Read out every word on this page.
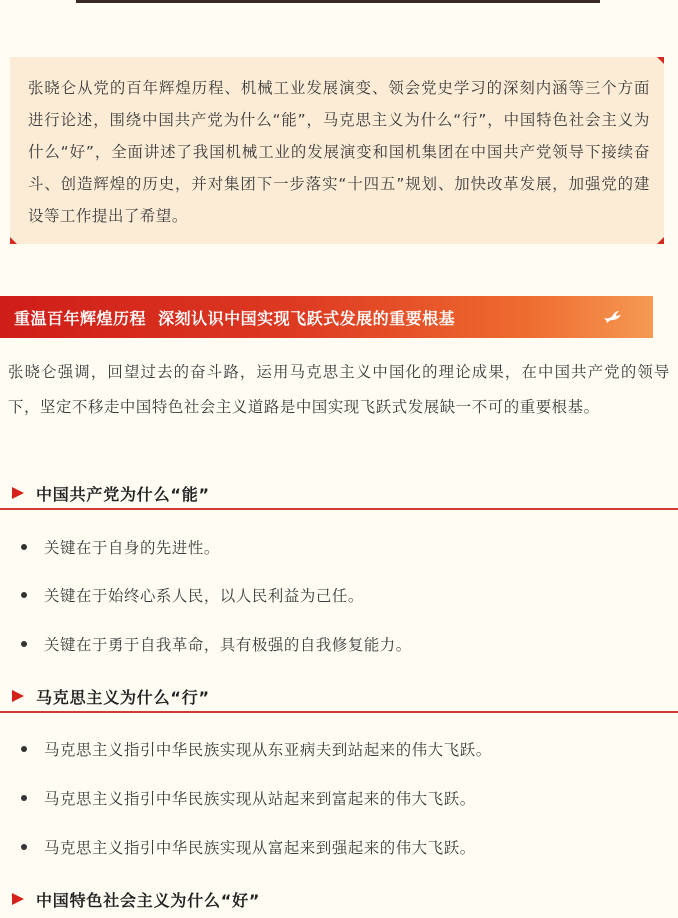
张晓仑从党的百年辉煌历程、机械工业发展演变、领会党史学习的深刻内涵等三个方面进行论述，围绕中国共产党为什么“能”，马克思主义为什么“行”，中国特色社会主义为什么“好”，全面讲述了我国机械工业的发展演变和国机集团在中国共产党领导下接续奋斗、创造辉煌的历史，并对集团下一步落实“十四五”规划、加快改革发展，加强党的建设等工作提出了希望。

重温百年辉煌历程  深刻认识中国实现飞跃式发展的重要根基

张晓仑强调，回望过去的奋斗路，运用马克思主义中国化的理论成果，在中国共产党的领导下，坚定不移走中国特色社会主义道路是中国实现飞跃式发展缺一不可的重要根基。

中国共产党为什么“能”
关键在于自身的先进性。
关键在于始终心系人民，以人民利益为己任。
关键在于勇于自我革命，具有极强的自我修复能力。
马克思主义为什么“行”
马克思主义指引中华民族实现从东亚病夫到站起来的伟大飞跃。
马克思主义指引中华民族实现从站起来到富起来的伟大飞跃。
马克思主义指引中华民族实现从富起来到强起来的伟大飞跃。
中国特色社会主义为什么“好”
